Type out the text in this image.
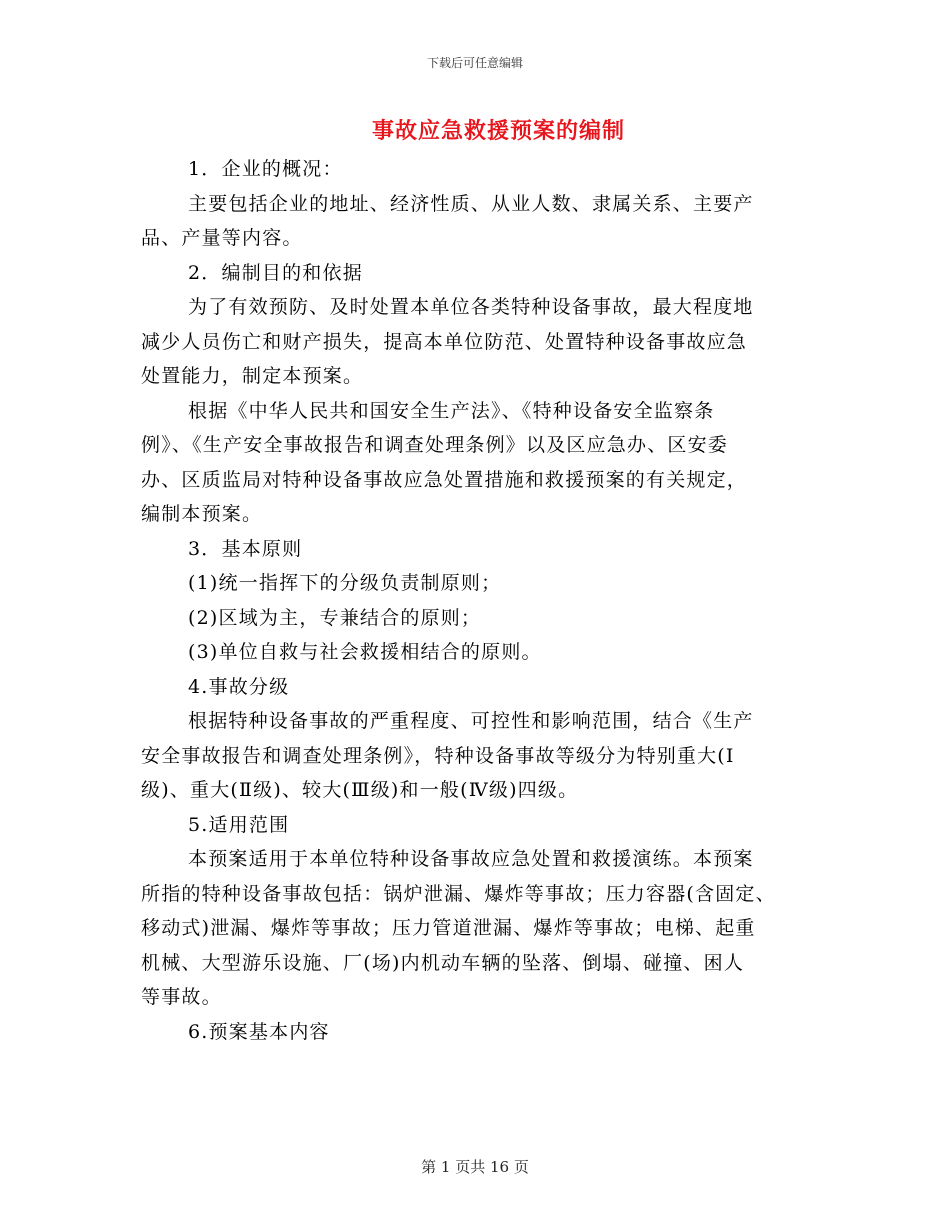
下载后可任意编辑
事故应急救援预案的编制

1．企业的概况：

主要包括企业的地址、经济性质、从业人数、隶属关系、主要产

品、产量等内容。

2．编制目的和依据

为了有效预防、及时处置本单位各类特种设备事故，最大程度地

减少人员伤亡和财产损失，提高本单位防范、处置特种设备事故应急

处置能力，制定本预案。

根据《中华人民共和国安全生产法》、《特种设备安全监察条

例》、《生产安全事故报告和调查处理条例》以及区应急办、区安委

办、区质监局对特种设备事故应急处置措施和救援预案的有关规定，

编制本预案。

3．基本原则

(1)统一指挥下的分级负责制原则；

(2)区域为主，专兼结合的原则；

(3)单位自救与社会救援相结合的原则。

4.事故分级

根据特种设备事故的严重程度、可控性和影响范围，结合《生产

安全事故报告和调查处理条例》，特种设备事故等级分为特别重大(Ⅰ

级)、重大(Ⅱ级)、较大(Ⅲ级)和一般(Ⅳ级)四级。

5.适用范围

本预案适用于本单位特种设备事故应急处置和救援演练。本预案

所指的特种设备事故包括：锅炉泄漏、爆炸等事故；压力容器(含固定、

移动式)泄漏、爆炸等事故；压力管道泄漏、爆炸等事故；电梯、起重

机械、大型游乐设施、厂(场)内机动车辆的坠落、倒塌、碰撞、困人

等事故。

6.预案基本内容

第 1 页共 16 页
